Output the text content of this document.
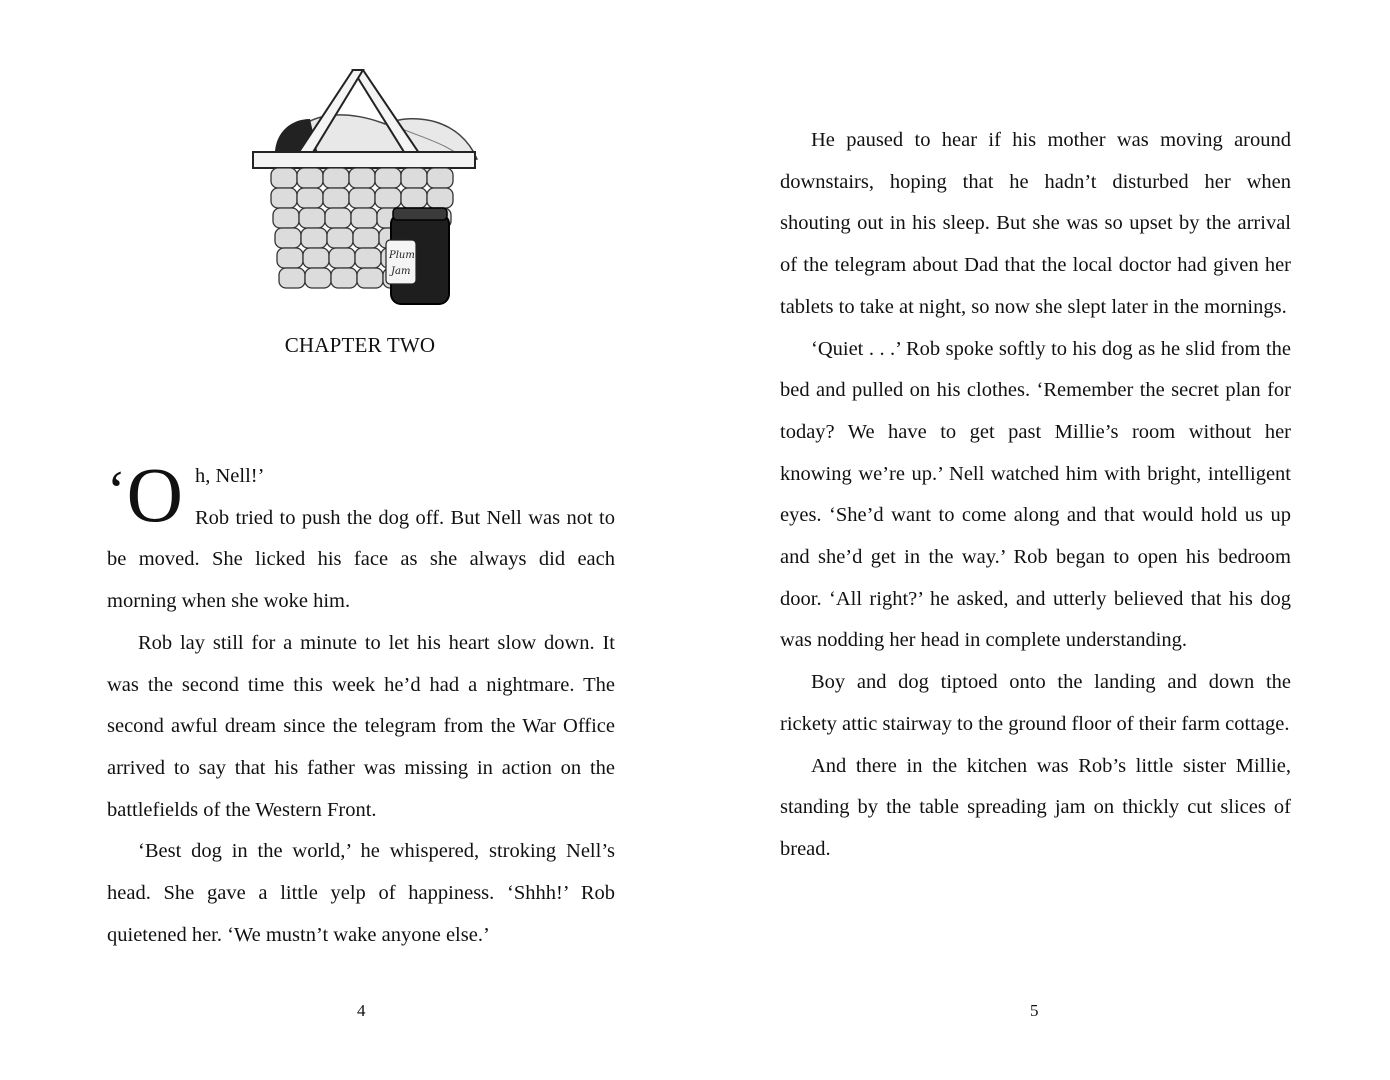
Plum
Jam
CHAPTER TWO

‘O h, Nell!’
Rob tried to push the dog off. But Nell was not to be moved. She licked his face as she always did each morning when she woke him.

Rob lay still for a minute to let his heart slow down. It was the second time this week he’d had a nightmare. The second awful dream since the telegram from the War Office arrived to say that his father was missing in action on the battlefields of the Western Front.

‘Best dog in the world,’ he whispered, stroking Nell’s head. She gave a little yelp of happiness. ‘Shhh!’ Rob quietened her. ‘We mustn’t wake anyone else.’

4

He paused to hear if his mother was moving around downstairs, hoping that he hadn’t disturbed her when shouting out in his sleep. But she was so upset by the arrival of the telegram about Dad that the local doctor had given her tablets to take at night, so now she slept later in the mornings.

‘Quiet . . .’ Rob spoke softly to his dog as he slid from the bed and pulled on his clothes. ‘Remember the secret plan for today? We have to get past Millie’s room without her knowing we’re up.’ Nell watched him with bright, intelligent eyes. ‘She’d want to come along and that would hold us up and she’d get in the way.’ Rob began to open his bedroom door. ‘All right?’ he asked, and utterly believed that his dog was nodding her head in complete understanding.

Boy and dog tiptoed onto the landing and down the rickety attic stairway to the ground floor of their farm cottage.

And there in the kitchen was Rob’s little sister Millie, standing by the table spreading jam on thickly cut slices of bread.

5
